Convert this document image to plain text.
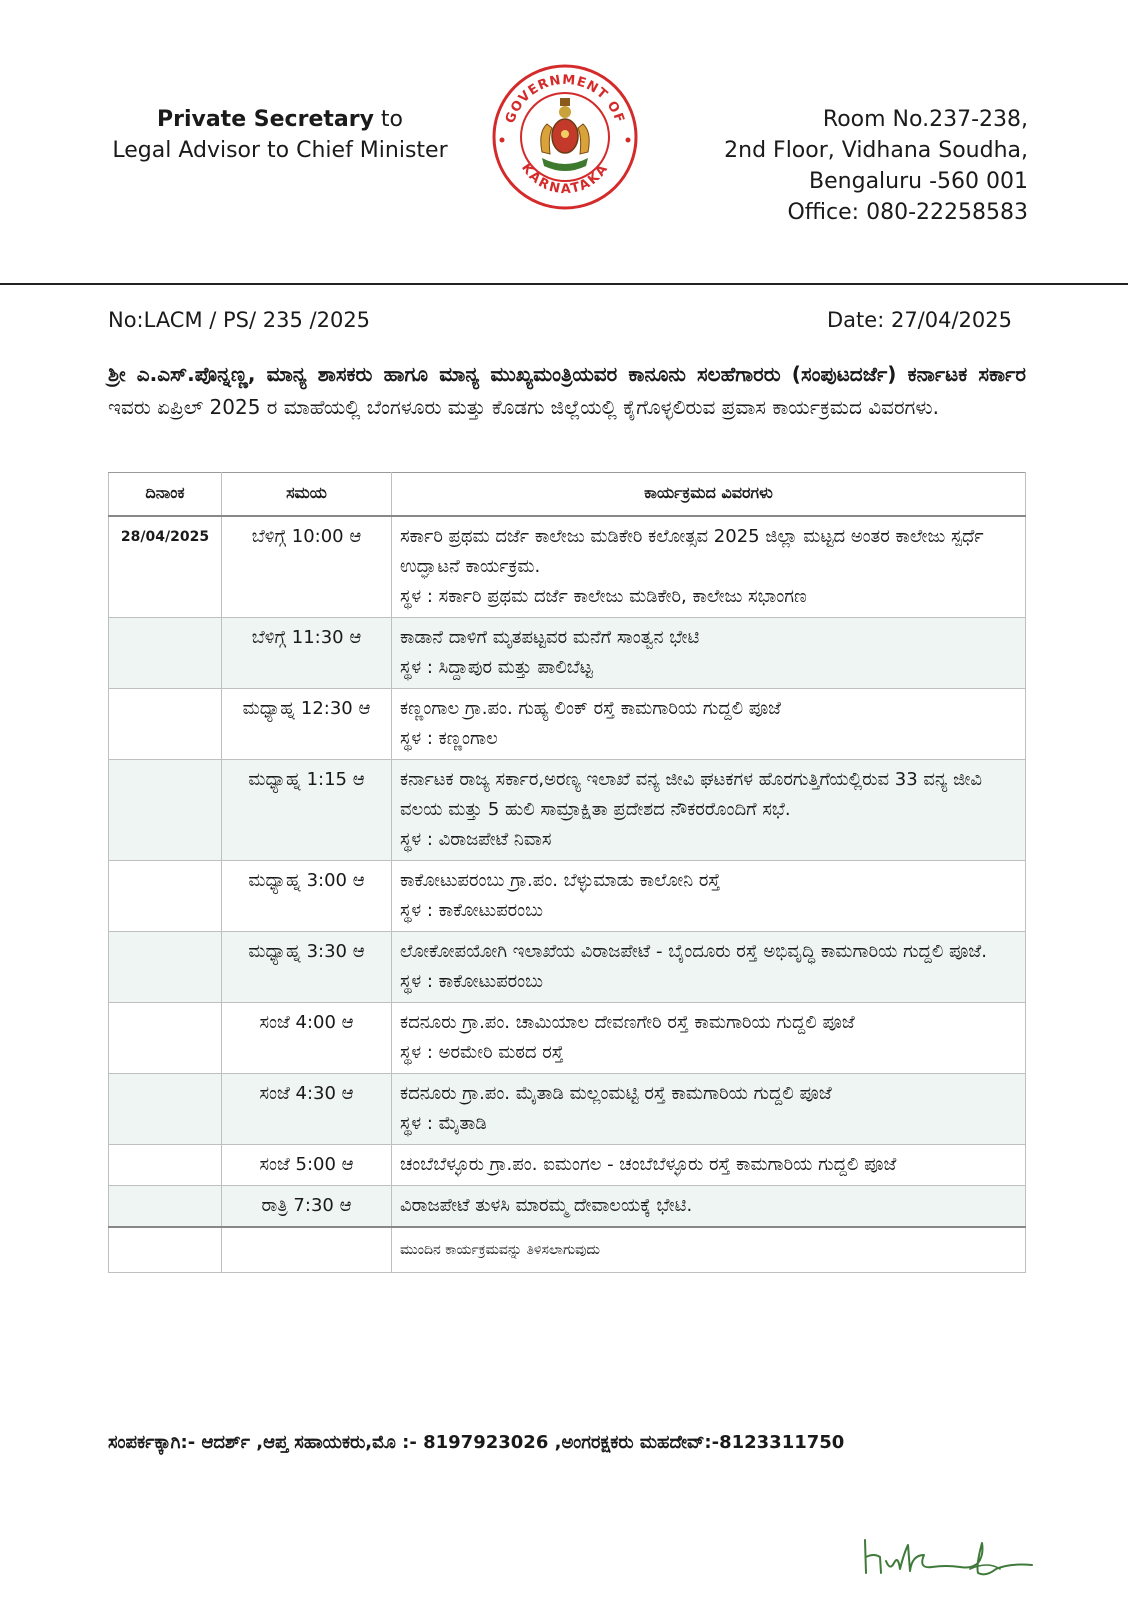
Private Secretary to
Legal Advisor to Chief Minister
GOVERNMENT OF
KARNATAKA
Room No.237-238,
2nd Floor, Vidhana Soudha,
Bengaluru -560 001
Office: 080-22258583
No:LACM / PS/ 235 /2025	Date: 27/04/2025
ಶ್ರೀ ಎ.ಎಸ್.ಪೊನ್ನಣ್ಣ, ಮಾನ್ಯ ಶಾಸಕರು ಹಾಗೂ ಮಾನ್ಯ ಮುಖ್ಯಮಂತ್ರಿಯವರ ಕಾನೂನು ಸಲಹೆಗಾರರು (ಸಂಪುಟದರ್ಜೆ) ಕರ್ನಾಟಕ ಸರ್ಕಾರ ಇವರು ಏಪ್ರಿಲ್ 2025 ರ ಮಾಹೆಯಲ್ಲಿ ಬೆಂಗಳೂರು ಮತ್ತು ಕೊಡಗು ಜಿಲ್ಲೆಯಲ್ಲಿ ಕೈಗೊಳ್ಳಲಿರುವ ಪ್ರವಾಸ ಕಾರ್ಯಕ್ರಮದ ವಿವರಗಳು.
ದಿನಾಂಕ	ಸಮಯ	ಕಾರ್ಯಕ್ರಮದ ವಿವರಗಳು
28/04/2025	ಬೆಳಿಗ್ಗೆ 10:00 ಆ	ಸರ್ಕಾರಿ ಪ್ರಥಮ ದರ್ಜೆ ಕಾಲೇಜು ಮಡಿಕೇರಿ ಕಲೋತ್ಸವ 2025 ಜಿಲ್ಲಾ ಮಟ್ಟದ ಅಂತರ ಕಾಲೇಜು ಸ್ಪರ್ಧೆ ಉದ್ಘಾಟನೆ ಕಾರ್ಯಕ್ರಮ.
ಸ್ಥಳ : ಸರ್ಕಾರಿ ಪ್ರಥಮ ದರ್ಜೆ ಕಾಲೇಜು ಮಡಿಕೇರಿ, ಕಾಲೇಜು ಸಭಾಂಗಣ

	ಬೆಳಿಗ್ಗೆ 11:30 ಆ	ಕಾಡಾನೆ ದಾಳಿಗೆ ಮೃತಪಟ್ಟವರ ಮನೆಗೆ ಸಾಂತ್ವನ ಭೇಟಿ
ಸ್ಥಳ : ಸಿದ್ದಾಪುರ ಮತ್ತು ಪಾಲಿಬೆಟ್ಟ

	ಮಧ್ಯಾಹ್ನ 12:30 ಆ	ಕಣ್ಣಂಗಾಲ ಗ್ರಾ.ಪಂ. ಗುಹ್ಯ ಲಿಂಕ್ ರಸ್ತೆ ಕಾಮಗಾರಿಯ ಗುದ್ದಲಿ ಪೂಜೆ
ಸ್ಥಳ : ಕಣ್ಣಂಗಾಲ

	ಮಧ್ಯಾಹ್ನ 1:15 ಆ	ಕರ್ನಾಟಕ ರಾಜ್ಯ ಸರ್ಕಾರ,ಅರಣ್ಯ ಇಲಾಖೆ ವನ್ಯ ಜೀವಿ ಘಟಕಗಳ ಹೊರಗುತ್ತಿಗೆಯಲ್ಲಿರುವ 33 ವನ್ಯ ಜೀವಿ ವಲಯ ಮತ್ತು 5 ಹುಲಿ ಸಾಮ್ರಾಕ್ಷಿತಾ ಪ್ರದೇಶದ ನೌಕರರೊಂದಿಗೆ ಸಭೆ.
ಸ್ಥಳ : ವಿರಾಜಪೇಟೆ ನಿವಾಸ

	ಮಧ್ಯಾಹ್ನ 3:00 ಆ	ಕಾಕೋಟುಪರಂಬು ಗ್ರಾ.ಪಂ. ಬೆಳ್ಳುಮಾಡು ಕಾಲೋನಿ ರಸ್ತೆ
ಸ್ಥಳ : ಕಾಕೋಟುಪರಂಬು

	ಮಧ್ಯಾಹ್ನ 3:30 ಆ	ಲೋಕೋಪಯೋಗಿ ಇಲಾಖೆಯ ವಿರಾಜಪೇಟೆ - ಬೈಂದೂರು ರಸ್ತೆ ಅಭಿವೃದ್ಧಿ ಕಾಮಗಾರಿಯ ಗುದ್ದಲಿ ಪೂಜೆ.
ಸ್ಥಳ : ಕಾಕೋಟುಪರಂಬು

	ಸಂಜೆ 4:00 ಆ	ಕದನೂರು ಗ್ರಾ.ಪಂ. ಚಾಮಿಯಾಲ ದೇವಣಗೇರಿ ರಸ್ತೆ ಕಾಮಗಾರಿಯ ಗುದ್ದಲಿ ಪೂಜೆ
ಸ್ಥಳ : ಅರಮೇರಿ ಮಠದ ರಸ್ತೆ

	ಸಂಜೆ 4:30 ಆ	ಕದನೂರು ಗ್ರಾ.ಪಂ. ಮೈತಾಡಿ ಮಲ್ಲಂಮಟ್ಟಿ ರಸ್ತೆ ಕಾಮಗಾರಿಯ ಗುದ್ದಲಿ ಪೂಜೆ
ಸ್ಥಳ : ಮೈತಾಡಿ

	ಸಂಜೆ 5:00 ಆ	ಚಂಬೆಬೆಳ್ಳೂರು ಗ್ರಾ.ಪಂ. ಐಮಂಗಲ - ಚಂಬೆಬೆಳ್ಳೂರು ರಸ್ತೆ ಕಾಮಗಾರಿಯ ಗುದ್ದಲಿ ಪೂಜೆ

	ರಾತ್ರಿ 7:30 ಆ	ವಿರಾಜಪೇಟೆ ತುಳಸಿ ಮಾರಮ್ಮ ದೇವಾಲಯಕ್ಕೆ ಭೇಟಿ.

		ಮುಂದಿನ ಕಾರ್ಯಕ್ರಮವನ್ನು ತಿಳಿಸಲಾಗುವುದು
ಸಂಪರ್ಕಕ್ಕಾಗಿ:- ಆದರ್ಶ್ ,ಆಪ್ತ ಸಹಾಯಕರು,ಮೊ :- 8197923026 ,ಅಂಗರಕ್ಷಕರು ಮಹದೇವ್:-8123311750
